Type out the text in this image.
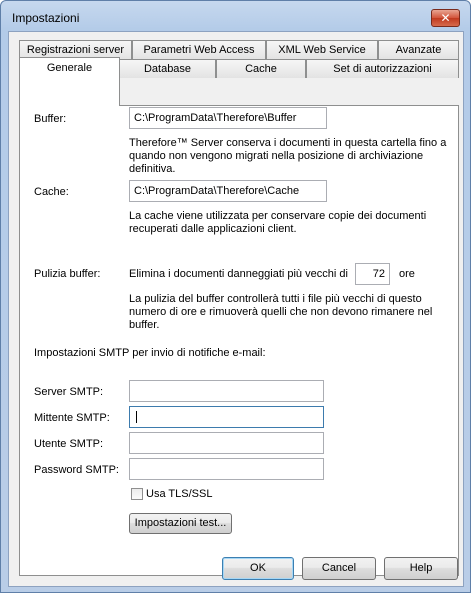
Impostazioni	✕
Registrazioni server	Parametri Web Access	XML Web Service	Avanzate
Generale	Database	Cache	Set di autorizzazioni
Buffer:
C:\ProgramData\Therefore\Buffer
Therefore™ Server conserva i documenti in questa cartella fino a quando non vengono migrati nella posizione di archiviazione definitiva.
Cache:
C:\ProgramData\Therefore\Cache
La cache viene utilizzata per conservare copie dei documenti recuperati dalle applicazioni client.
Pulizia buffer:	Elimina i documenti danneggiati più vecchi di
72	ore
La pulizia del buffer controllerà tutti i file più vecchi di questo numero di ore e rimuoverà quelli che non devono rimanere nel buffer.
Impostazioni SMTP per invio di notifiche e-mail:
Server SMTP:
Mittente SMTP:
Utente SMTP:
Password SMTP:
Usa TLS/SSL
Impostazioni test...
OK	Cancel	Help
